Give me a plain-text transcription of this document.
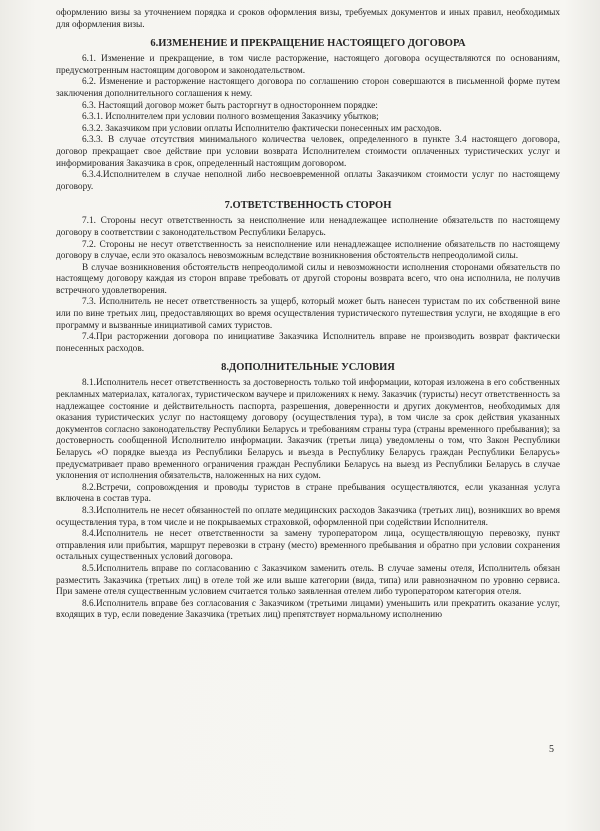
оформлению визы за уточнением порядка и сроков оформления визы, требуемых документов и иных правил, необходимых для оформления визы.

6.ИЗМЕНЕНИЕ И ПРЕКРАЩЕНИЕ НАСТОЯЩЕГО ДОГОВОРА

6.1. Изменение и прекращение, в том числе расторжение, настоящего договора осуществляются по основаниям, предусмотренным настоящим договором и законодательством.

6.2. Изменение и расторжение настоящего договора по соглашению сторон совершаются в письменной форме путем заключения дополнительного соглашения к нему.

6.3. Настоящий договор может быть расторгнут в одностороннем порядке:

6.3.1. Исполнителем при условии полного возмещения Заказчику убытков;

6.3.2. Заказчиком при условии оплаты Исполнителю фактически понесенных им расходов.

6.3.3. В случае отсутствия минимального количества человек, определенного в пункте 3.4 настоящего договора, договор прекращает свое действие при условии возврата Исполнителем стоимости оплаченных туристических услуг и информирования Заказчика в срок, определенный настоящим договором.

6.3.4.Исполнителем в случае неполной либо несвоевременной оплаты Заказчиком стоимости услуг по настоящему договору.

7.ОТВЕТСТВЕННОСТЬ СТОРОН

7.1. Стороны несут ответственность за неисполнение или ненадлежащее исполнение обязательств по настоящему договору в соответствии с законодательством Республики Беларусь.

7.2. Стороны не несут ответственность за неисполнение или ненадлежащее исполнение обязательств по настоящему договору в случае, если это оказалось невозможным вследствие возникновения обстоятельств непреодолимой силы.

В случае возникновения обстоятельств непреодолимой силы и невозможности исполнения сторонами обязательств по настоящему договору каждая из сторон вправе требовать от другой стороны возврата всего, что она исполнила, не получив встречного удовлетворения.

7.3. Исполнитель не несет ответственность за ущерб, который может быть нанесен туристам по их собственной вине или по вине третьих лиц, предоставляющих во время осуществления туристического путешествия услуги, не входящие в его программу и вызванные инициативой самих туристов.

7.4.При расторжении договора по инициативе Заказчика Исполнитель вправе не производить возврат фактически понесенных расходов.

8.ДОПОЛНИТЕЛЬНЫЕ УСЛОВИЯ

8.1.Исполнитель несет ответственность за достоверность только той информации, которая изложена в его собственных рекламных материалах, каталогах, туристическом ваучере и приложениях к нему. Заказчик (туристы) несут ответственность за надлежащее состояние и действительность паспорта, разрешения, доверенности и других документов, необходимых для оказания туристических услуг по настоящему договору (осуществления тура), в том числе за срок действия указанных документов согласно законодательству Республики Беларусь и требованиям страны тура (страны временного пребывания); за достоверность сообщенной Исполнителю информации. Заказчик (третьи лица) уведомлены о том, что Закон Республики Беларусь «О порядке выезда из Республики Беларусь и въезда в Республику Беларусь граждан Республики Беларусь» предусматривает право временного ограничения граждан Республики Беларусь на выезд из Республики Беларусь в случае уклонения от исполнения обязательств, наложенных на них судом.

8.2.Встречи, сопровождения и проводы туристов в стране пребывания осуществляются, если указанная услуга включена в состав тура.

8.3.Исполнитель не несет обязанностей по оплате медицинских расходов Заказчика (третьих лиц), возникших во время осуществления тура, в том числе и не покрываемых страховкой, оформленной при содействии Исполнителя.

8.4.Исполнитель не несет ответственности за замену туроператором лица, осуществляющую перевозку, пункт отправления или прибытия, маршрут перевозки в страну (место) временного пребывания и обратно при условии сохранения остальных существенных условий договора.

8.5.Исполнитель вправе по согласованию с Заказчиком заменить отель. В случае замены отеля, Исполнитель обязан разместить Заказчика (третьих лиц) в отеле той же или выше категории (вида, типа) или равнозначном по уровню сервиса. При замене отеля существенным условием считается только заявленная отелем либо туроператором категория отеля.

8.6.Исполнитель вправе без согласования с Заказчиком (третьими лицами) уменьшить или прекратить оказание услуг, входящих в тур, если поведение Заказчика (третьих лиц) препятствует нормальному исполнению

5
